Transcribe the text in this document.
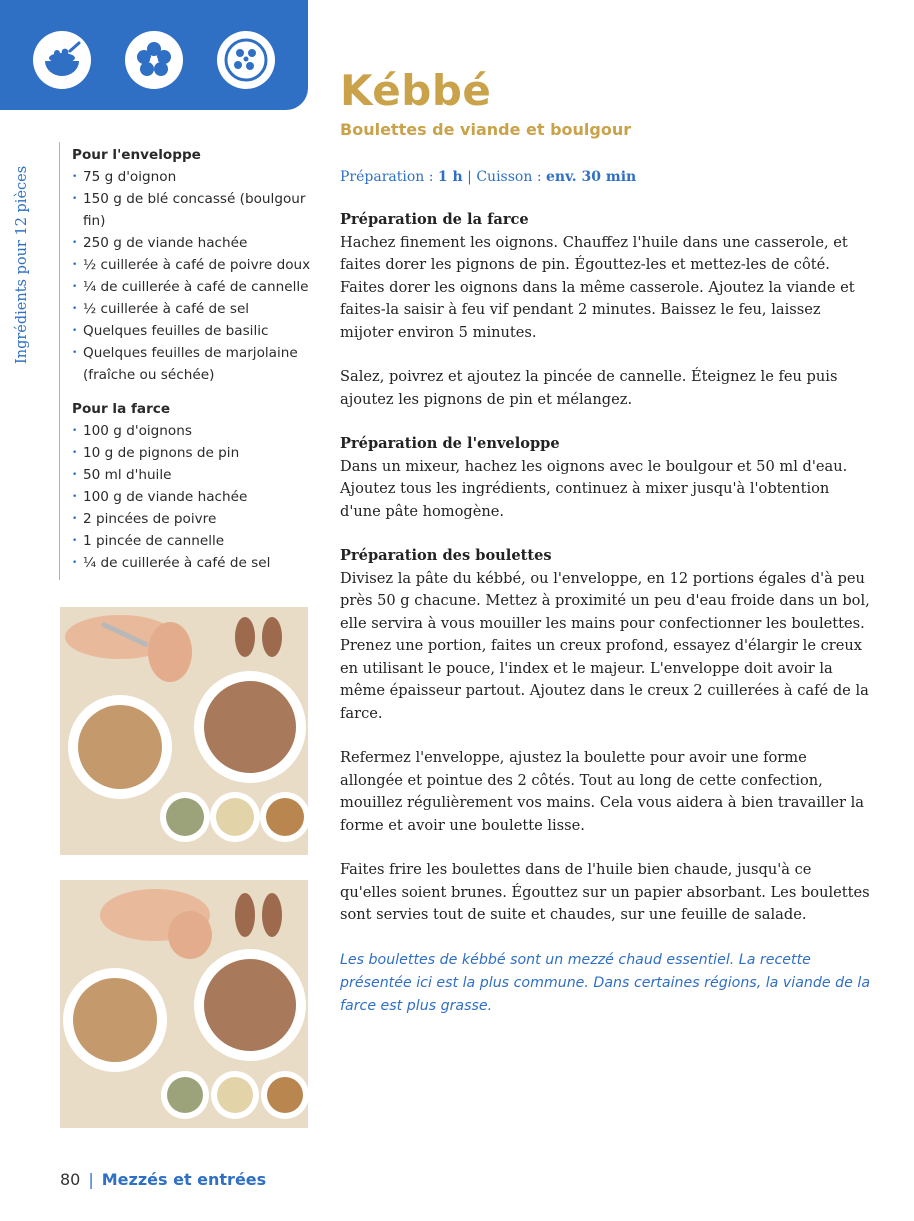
Kébbé
Boulettes de viande et boulgour
Préparation : 1 h | Cuisson : env. 30 min
Ingrédients pour 12 pièces

Pour l'enveloppe

• 75 g d'oignon
• 150 g de blé concassé (boulgour fin)
• 250 g de viande hachée
• ½ cuillerée à café de poivre doux
• ¼ de cuillerée à café de cannelle
• ½ cuillerée à café de sel
• Quelques feuilles de basilic
• Quelques feuilles de marjolaine (fraîche ou séchée)

Pour la farce

• 100 g d'oignons
• 10 g de pignons de pin
• 50 ml d'huile
• 100 g de viande hachée
• 2 pincées de poivre
• 1 pincée de cannelle
• ¼ de cuillerée à café de sel
Préparation de la farce

Hachez finement les oignons. Chauffez l'huile dans une casserole, et faites dorer les pignons de pin. Égouttez-les et mettez-les de côté. Faites dorer les oignons dans la même casserole. Ajoutez la viande et faites-la saisir à feu vif pendant 2 minutes. Baissez le feu, laissez mijoter environ 5 minutes.

Salez, poivrez et ajoutez la pincée de cannelle. Éteignez le feu puis ajoutez les pignons de pin et mélangez.

Préparation de l'enveloppe

Dans un mixeur, hachez les oignons avec le boulgour et 50 ml d'eau. Ajoutez tous les ingrédients, continuez à mixer jusqu'à l'obtention d'une pâte homogène.

Préparation des boulettes

Divisez la pâte du kébbé, ou l'enveloppe, en 12 portions égales d'à peu près 50 g chacune. Mettez à proximité un peu d'eau froide dans un bol, elle servira à vous mouiller les mains pour confectionner les boulettes. Prenez une portion, faites un creux profond, essayez d'élargir le creux en utilisant le pouce, l'index et le majeur. L'enveloppe doit avoir la même épaisseur partout. Ajoutez dans le creux 2 cuillerées à café de la farce.

Refermez l'enveloppe, ajustez la boulette pour avoir une forme allongée et pointue des 2 côtés. Tout au long de cette confection, mouillez régulièrement vos mains. Cela vous aidera à bien travailler la forme et avoir une boulette lisse.

Faites frire les boulettes dans de l'huile bien chaude, jusqu'à ce qu'elles soient brunes. Égouttez sur un papier absorbant. Les boulettes sont servies tout de suite et chaudes, sur une feuille de salade.

Les boulettes de kébbé sont un mezzé chaud essentiel. La recette présentée ici est la plus commune. Dans certaines régions, la viande de la farce est plus grasse.

80 | Mezzés et entrées
